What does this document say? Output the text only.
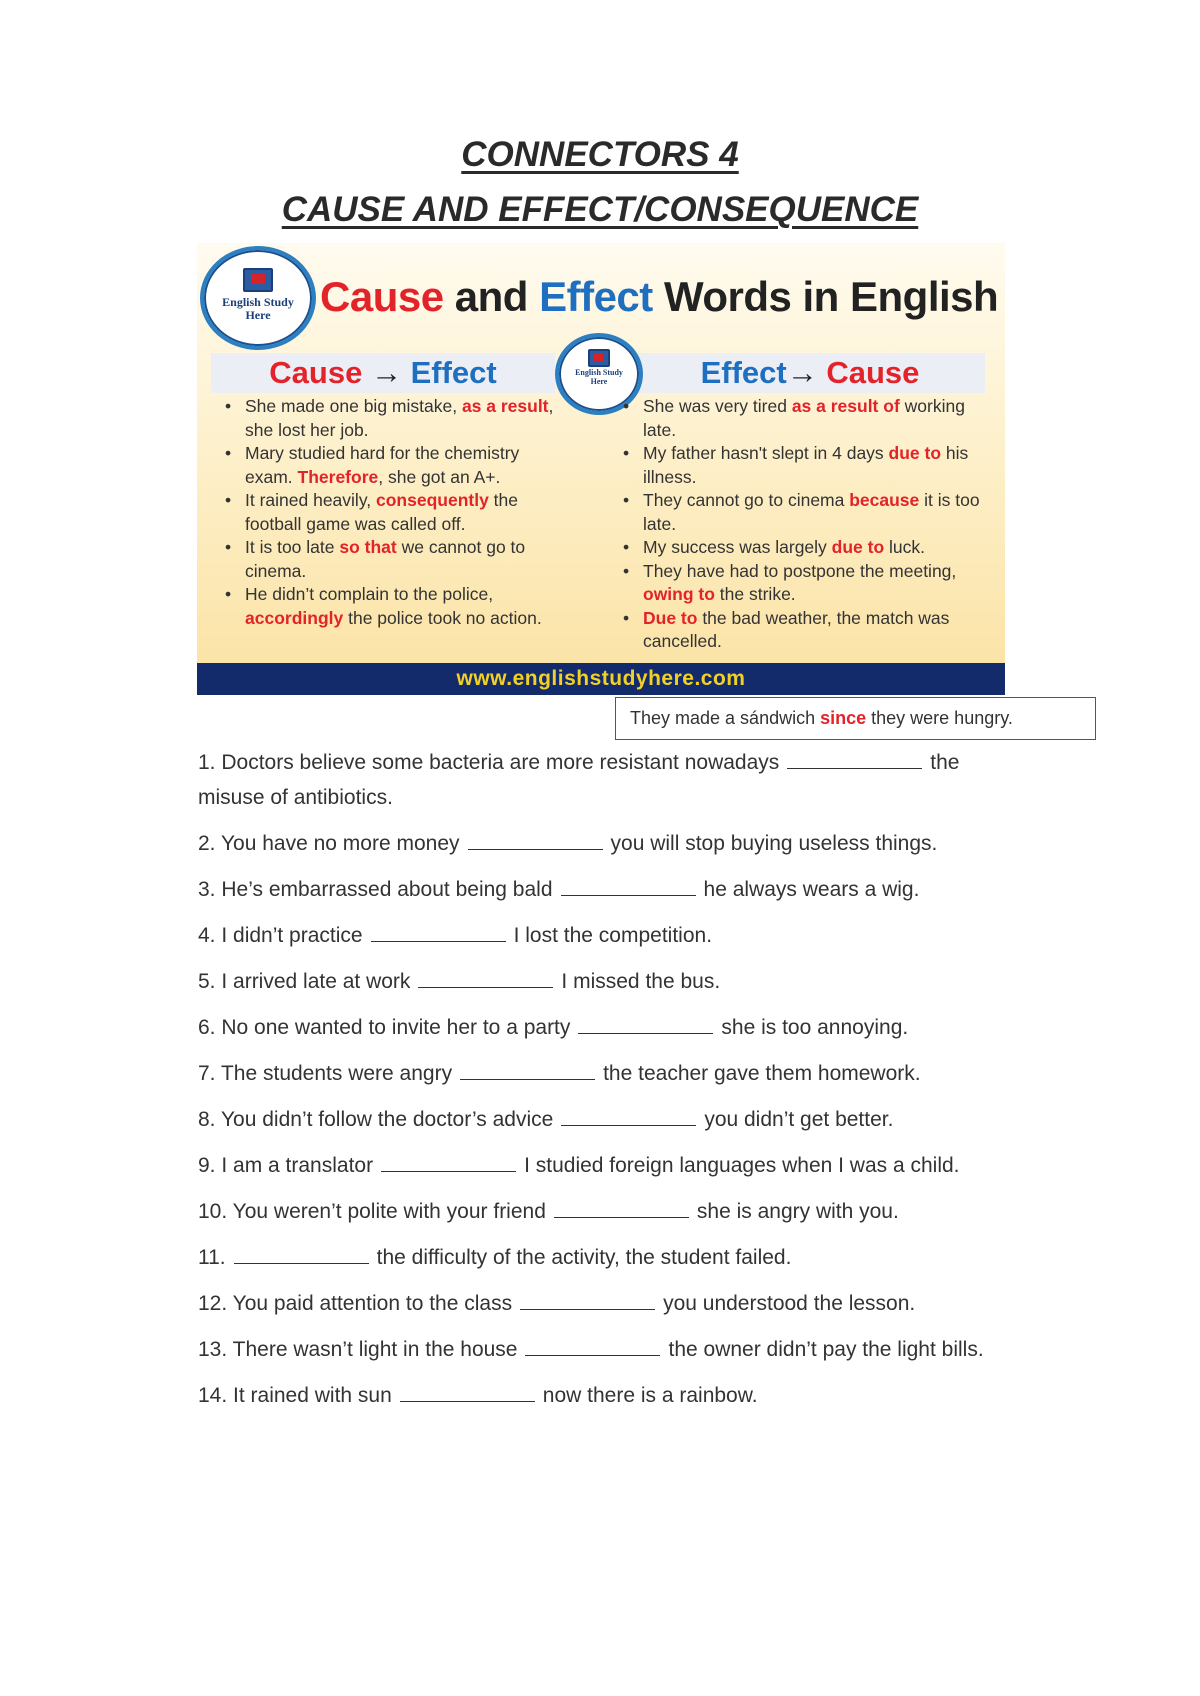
CONNECTORS 4
CAUSE AND EFFECT/CONSEQUENCE
English Study
Here	Cause and Effect Words in English
Cause → Effect	Effect→ Cause
English Study
Here
• She made one big mistake, as a result, she lost her job.
• Mary studied hard for the chemistry exam. Therefore, she got an A+.
• It rained heavily, consequently the football game was called off.
• It is too late so that we cannot go to cinema.
• He didn’t complain to the police, accordingly the police took no action.
• She was very tired as a result of working late.
• My father hasn't slept in 4 days due to his illness.
• They cannot go to cinema because it is too late.
• My success was largely due to luck.
• They have had to postpone the meeting, owing to the strike.
• Due to the bad weather, the match was cancelled.
www.englishstudyhere.com
They made a sándwich since they were hungry.
1. Doctors believe some bacteria are more resistant nowadays	the misuse of antibiotics.
2. You have no more money	you will stop buying useless things.
3. He’s embarrassed about being bald	he always wears a wig.
4. I didn’t practice	I lost the competition.
5. I arrived late at work	I missed the bus.
6. No one wanted to invite her to a party	she is too annoying.
7. The students were angry	the teacher gave them homework.
8. You didn’t follow the doctor’s advice	you didn’t get better.
9. I am a translator	I studied foreign languages when I was a child.
10. You weren’t polite with your friend	she is angry with you.
11.	the difficulty of the activity, the student failed.
12. You paid attention to the class	you understood the lesson.
13. There wasn’t light in the house	the owner didn’t pay the light bills.
14. It rained with sun	now there is a rainbow.
